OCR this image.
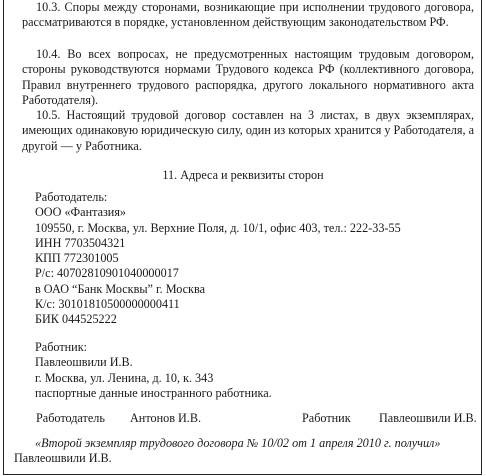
10.3. Споры между сторонами, возникающие при исполнении трудового договора, рассматриваются в порядке, установленном действующим законодательством РФ.

10.4. Во всех вопросах, не предусмотренных настоящим трудовым договором, стороны руководствуются нормами Трудового кодекса РФ (коллективного договора, Правил внутреннего трудового распорядка, другого локального нормативного акта Работодателя).

10.5. Настоящий трудовой договор составлен на 3 листах, в двух экземплярах, имеющих одинаковую юридическую силу, один из которых хранится у Работодателя, а другой — у Работника.

11. Адреса и реквизиты сторон

Работодатель:
ООО «Фантазия»
109550, г. Москва, ул. Верхние Поля, д. 10/1, офис 403, тел.: 222-33-55
ИНН 7703504321
КПП 772301005
Р/с: 40702810901040000017
в ОАО “Банк Москвы” г. Москва
К/с: 30101810500000000411
БИК 044525222
Работник:
Павлеошвили И.В.
г. Москва, ул. Ленина, д. 10, к. 343
паспортные данные иностранного работника.
Работодатель Антонов И.В.	Работник Павлеошвили И.В.

«Второй экземпляр трудового договора № 10/02 от 1 апреля 2010 г. получил»

Павлеошвили И.В.
